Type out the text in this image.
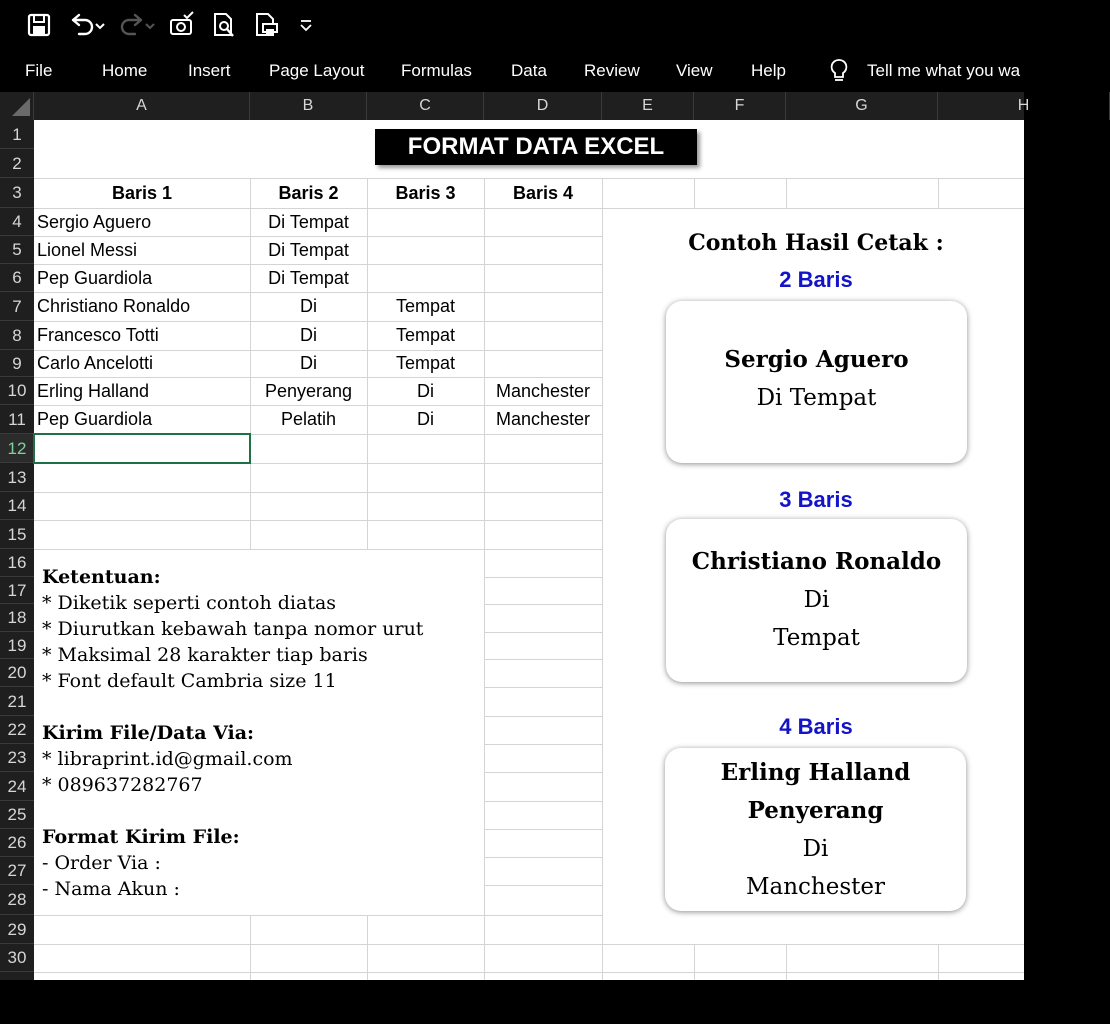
File	Home Insert Page Layout Formulas Data Review View Help	Tell me what you wa
A	B	C	D	E	F	G	H
1
2
3
4
5
6
7
8
9
10
11
12
13
14
15
16
17
18
19
20
21
22
23
24
25
26
27
28
29
30
FORMAT DATA EXCEL
Baris 1	Baris 2	Baris 3	Baris 4
Sergio Aguero	Di Tempat
Lionel Messi	Di Tempat
Pep Guardiola	Di Tempat
Christiano Ronaldo	Di	Tempat
Francesco Totti	Di	Tempat
Carlo Ancelotti	Di	Tempat
Erling Halland	Penyerang	Di	Manchester
Pep Guardiola	Pelatih	Di	Manchester
Ketentuan:
* Diketik seperti contoh diatas
* Diurutkan kebawah tanpa nomor urut
* Maksimal 28 karakter tiap baris
* Font default Cambria size 11
Kirim File/Data Via:
* libraprint.id@gmail.com
* 089637282767
Format Kirim File:
- Order Via :
- Nama Akun :
Contoh Hasil Cetak :
2 Baris
Sergio Aguero
Di Tempat
3 Baris
Christiano Ronaldo
Di
Tempat
4 Baris
Erling Halland
Penyerang
Di
Manchester
